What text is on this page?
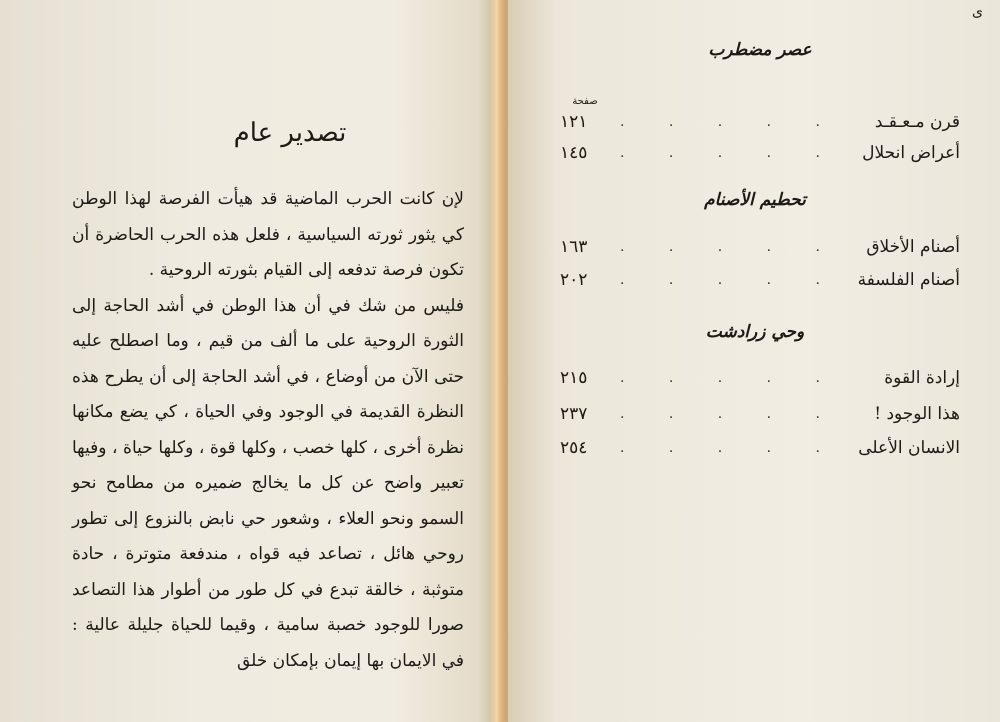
تصدير عام

لإن كانت الحرب الماضية قد هيأت الفرصة لهذا الوطن كي يثور ثورته السياسية ، فلعل هذه الحرب الحاضرة أن تكون فرصة تدفعه إلى القيام بثورته الروحية .

فليس من شك في أن هذا الوطن في أشد الحاجة إلى الثورة الروحية على ما ألف من قيم ، وما اصطلح عليه حتى الآن من أوضاع ، في أشد الحاجة إلى أن يطرح هذه النظرة القديمة في الوجود وفي الحياة ، كي يضع مكانها نظرة أخرى ، كلها خصب ، وكلها قوة ، وكلها حياة ، وفيها تعبير واضح عن كل ما يخالج ضميره من مطامح نحو السمو ونحو العلاء ، وشعور حي نابض بالنزوع إلى تطور روحي هائل ، تصاعد فيه قواه ، مندفعة متوترة ، حادة متوثبة ، خالقة تبدع في كل طور من أطوار هذا التصاعد صورا للوجود خصبة سامية ، وقيما للحياة جليلة عالية : في الايمان بها إيمان بإمكان خلق

ى
عصر مضطرب
صفحة
قرن مـعـقـد
. . . . .
١٢١
أعراض انحلال
. . . . .
١٤٥
تحطيم الأصنام
أصنام الأخلاق
. . . . .
١٦٣
أصنام الفلسفة
. . . . .
٢٠٢
وحي زرادشت
إرادة القوة
. . . . .
٢١٥
هذا الوجود !
. . . . .
٢٣٧
الانسان الأعلى
. . . . .
٢٥٤
